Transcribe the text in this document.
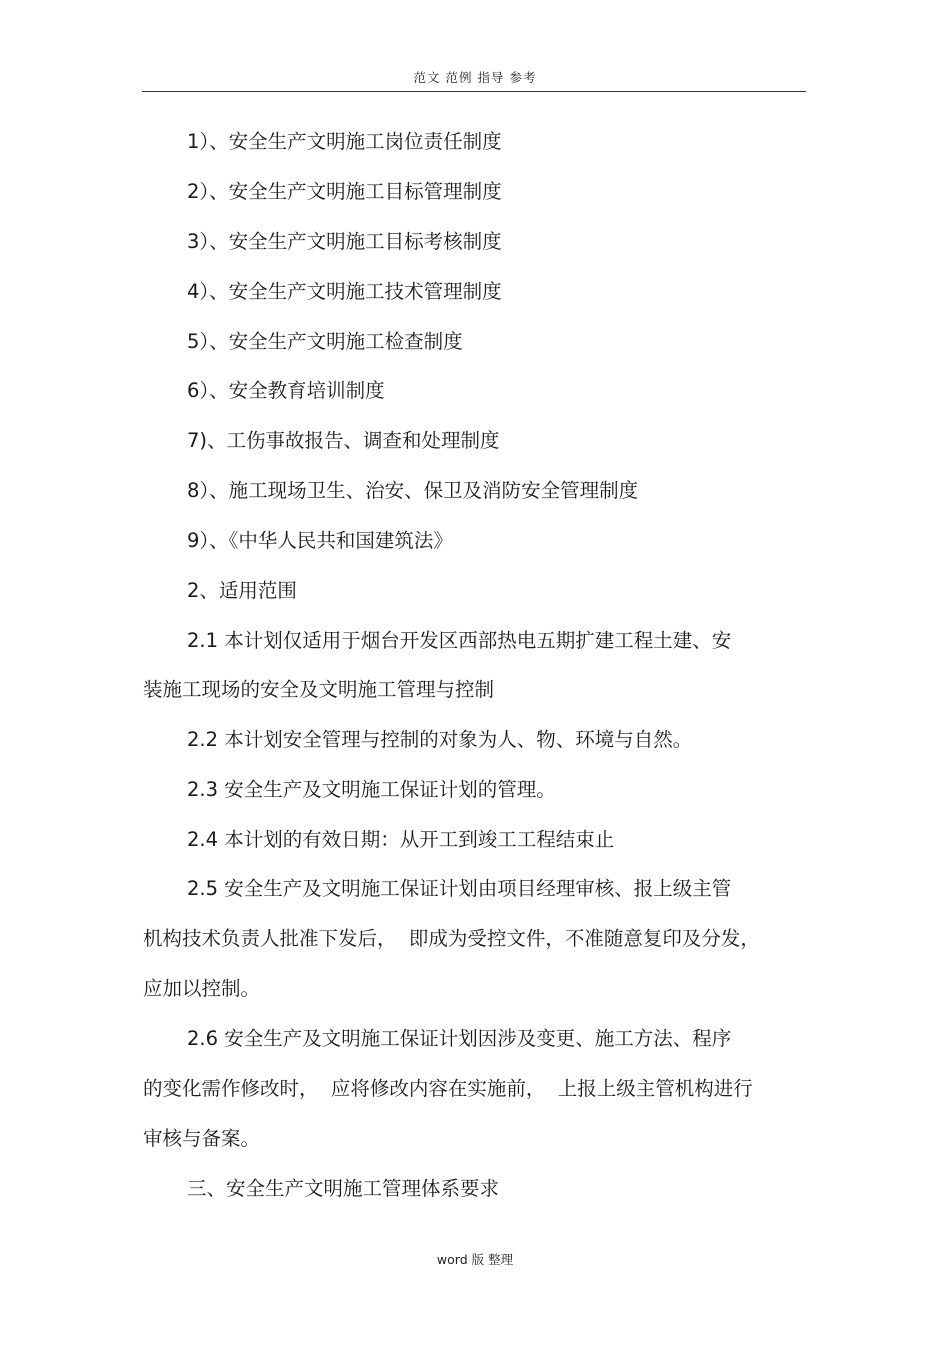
范文 范例 指导 参考
1）、安全生产文明施工岗位责任制度
2）、安全生产文明施工目标管理制度
3）、安全生产文明施工目标考核制度
4）、安全生产文明施工技术管理制度
5）、安全生产文明施工检查制度
6）、安全教育培训制度
7)、工伤事故报告、调查和处理制度
8）、施工现场卫生、治安、保卫及消防安全管理制度
9）、《中华人民共和国建筑法》
2、适用范围
2.1 本计划仅适用于烟台开发区西部热电五期扩建工程土建、安
装施工现场的安全及文明施工管理与控制
2.2 本计划安全管理与控制的对象为人、物、环境与自然。
2.3 安全生产及文明施工保证计划的管理。
2.4 本计划的有效日期：从开工到竣工工程结束止
2.5 安全生产及文明施工保证计划由项目经理审核、报上级主管
机构技术负责人批准下发后，  即成为受控文件，不准随意复印及分发，
应加以控制。
2.6 安全生产及文明施工保证计划因涉及变更、施工方法、程序
的变化需作修改时，  应将修改内容在实施前，  上报上级主管机构进行
审核与备案。
三、安全生产文明施工管理体系要求
word 版 整理
